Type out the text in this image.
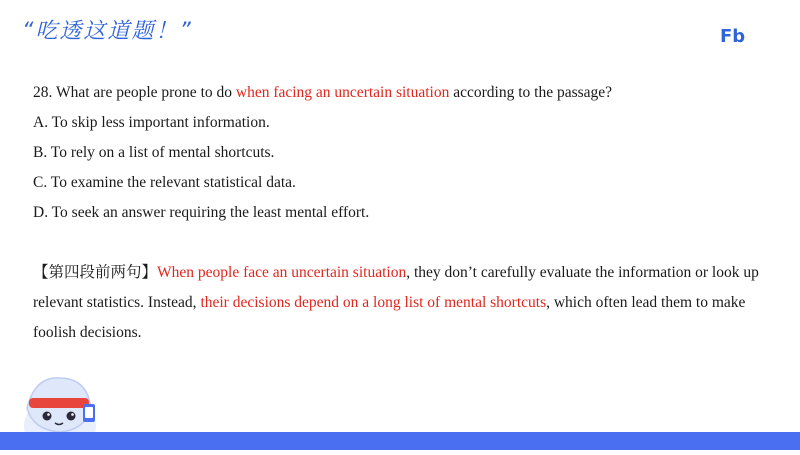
“吃透这道题！”	Fb
28. What are people prone to do when facing an uncertain situation according to the passage?
A. To skip less important information.
B. To rely on a list of mental shortcuts.
C. To examine the relevant statistical data.
D. To seek an answer requiring the least mental effort.
【第四段前两句】When people face an uncertain situation, they don’t carefully evaluate the information or look up relevant statistics. Instead, their decisions depend on a long list of mental shortcuts, which often lead them to make foolish decisions.
